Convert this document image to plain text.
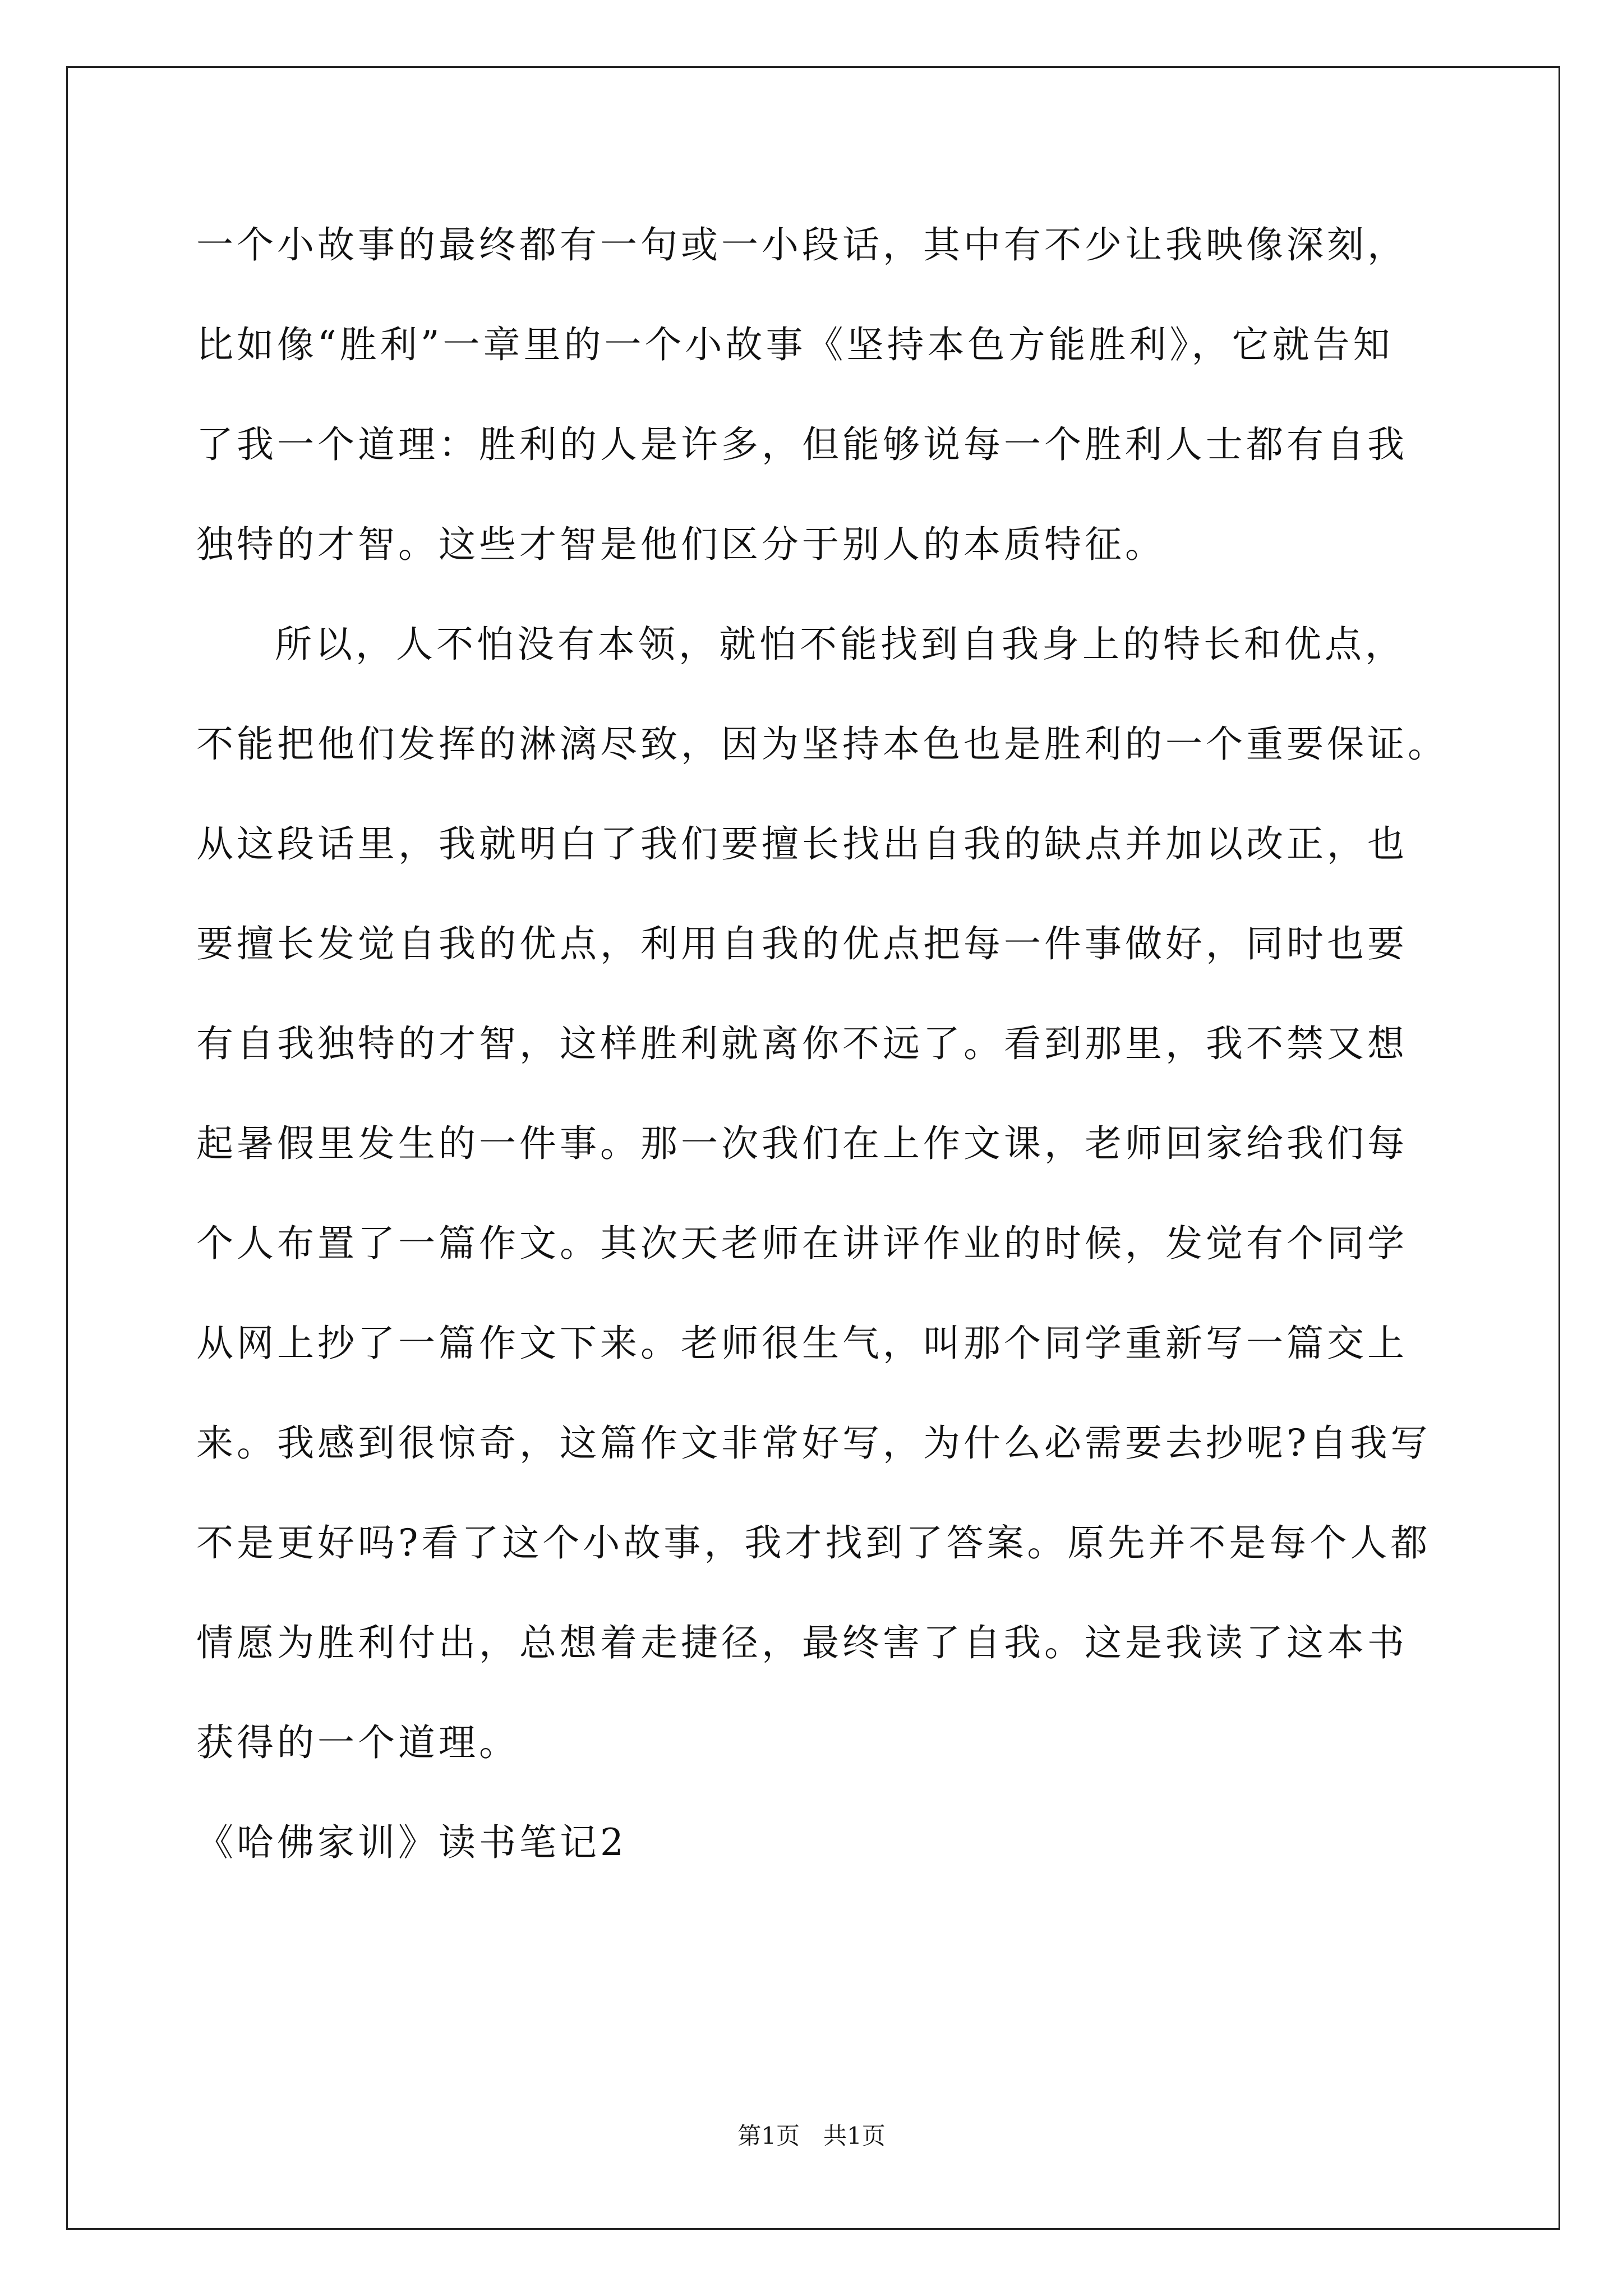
一个小故事的最终都有一句或一小段话，其中有不少让我映像深刻，
比如像“胜利”一章里的一个小故事《坚持本色方能胜利》，它就告知
了我一个道理：胜利的人是许多，但能够说每一个胜利人士都有自我
独特的才智。这些才智是他们区分于别人的本质特征。
所以，人不怕没有本领，就怕不能找到自我身上的特长和优点，
不能把他们发挥的淋漓尽致，因为坚持本色也是胜利的一个重要保证。
从这段话里，我就明白了我们要擅长找出自我的缺点并加以改正，也
要擅长发觉自我的优点，利用自我的优点把每一件事做好，同时也要
有自我独特的才智，这样胜利就离你不远了。看到那里，我不禁又想
起暑假里发生的一件事。那一次我们在上作文课，老师回家给我们每
个人布置了一篇作文。其次天老师在讲评作业的时候，发觉有个同学
从网上抄了一篇作文下来。老师很生气，叫那个同学重新写一篇交上
来。我感到很惊奇，这篇作文非常好写，为什么必需要去抄呢?自我写
不是更好吗?看了这个小故事，我才找到了答案。原先并不是每个人都
情愿为胜利付出，总想着走捷径，最终害了自我。这是我读了这本书
获得的一个道理。
《哈佛家训》读书笔记2
第1页　共1页
